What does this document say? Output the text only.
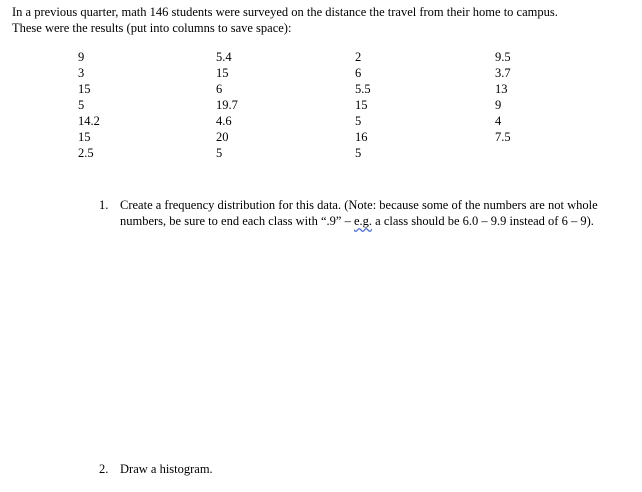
In a previous quarter, math 146 students were surveyed on the distance the travel from their home to campus.
These were the results (put into columns to save space):

9
3
15
5
14.2
15
2.5
5.4
15
6
19.7
4.6
20
5
2
6
5.5
15
5
16
5
9.5
3.7
13
9
4
7.5
1. Create a frequency distribution for this data. (Note: because some of the numbers are not whole numbers, be sure to end each class with “.9” – e.g. a class should be 6.0 – 9.9 instead of 6 – 9).
2. Draw a histogram.
